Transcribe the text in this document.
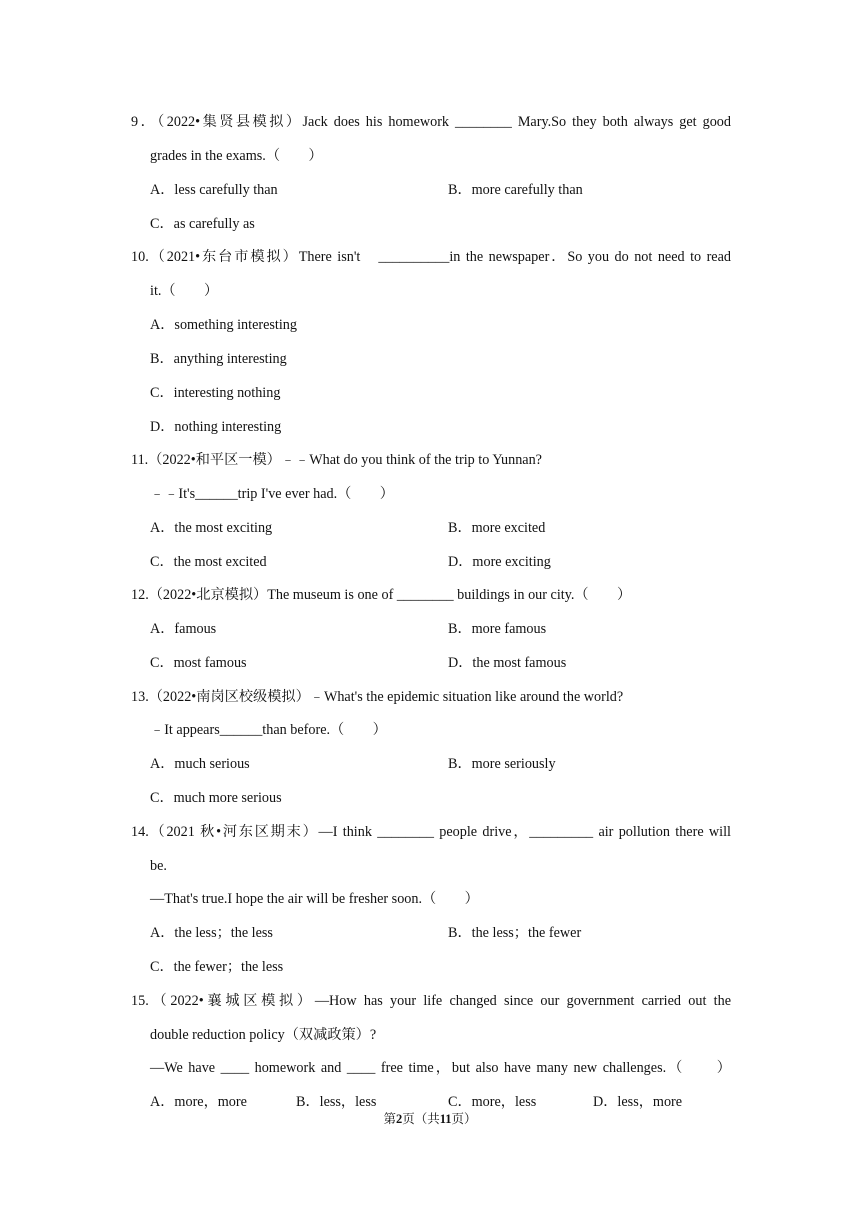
9．（2022•集贤县模拟）Jack does his homework ________ Mary.So they both always get good
grades in the exams.（　　）
A．less carefully than	B．more carefully than
C．as carefully as
10.（2021•东台市模拟）There isn't　__________in the newspaper．So you do not need to read
it.（　　）
A．something interesting
B．anything interesting
C．interesting nothing
D．nothing interesting
11.（2022•和平区一模）﹣﹣What do you think of the trip to Yunnan?
﹣﹣It's______trip I've ever had.（　　）
A．the most exciting	B．more excited
C．the most excited	D．more exciting
12.（2022•北京模拟）The museum is one of ________ buildings in our city.（　　）
A．famous	B．more famous
C．most famous	D．the most famous
13.（2022•南岗区校级模拟）﹣What's the epidemic situation like around the world?
﹣It appears______than before.（　　）
A．much serious	B．more seriously
C．much more serious
14.（2021 秋•河东区期末）—I think ________ people drive，_________ air pollution there will
be.
—That's true.I hope the air will be fresher soon.（　　）
A．the less；the less	B．the less；the fewer
C．the fewer；the less
15.（2022•襄城区模拟）—How has your life changed since our government carried out the
double reduction policy（双减政策）?
—We have ____ homework and ____ free time，but also have many new challenges.（　　）
A．more，more	B．less，less	C．more，less	D．less，more
第2页（共11页）
